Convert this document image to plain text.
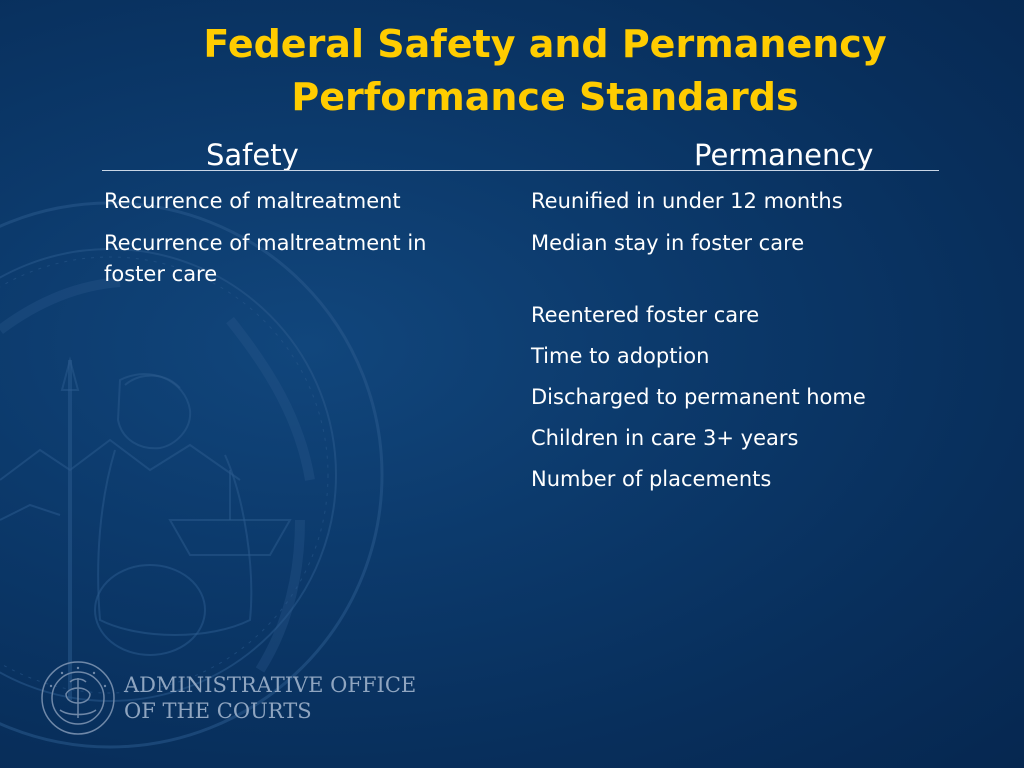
Federal Safety and Permanency Performance Standards
Safety	Permanency
Recurrence of maltreatment
Recurrence of maltreatment in foster care
Reunified in under 12 months
Median stay in foster care
Reentered foster care
Time to adoption
Discharged to permanent home
Children in care 3+ years
Number of placements
ADMINISTRATIVE OFFICE
OF THE COURTS
